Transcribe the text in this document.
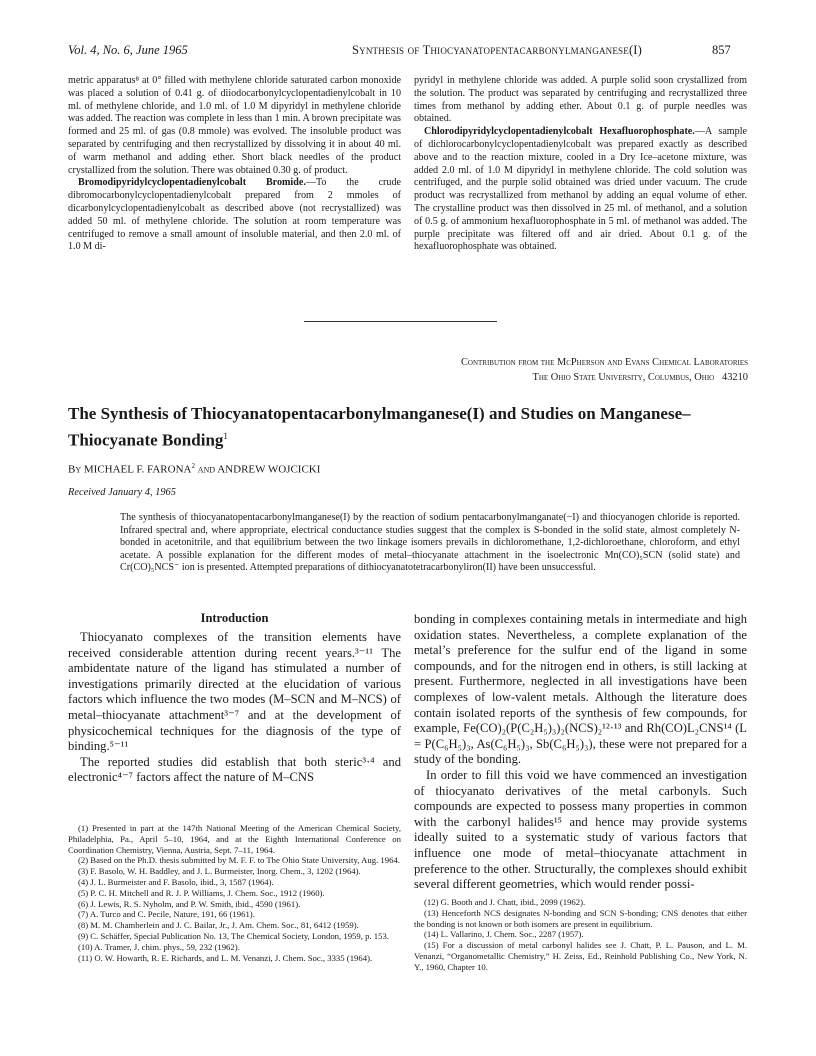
Vol. 4, No. 6, June 1965	Synthesis of Thiocyanatopentacarbonylmanganese(I)	857

metric apparatus⁸ at 0° filled with methylene chloride saturated carbon monoxide was placed a solution of 0.41 g. of diiodocarbonylcyclopentadienylcobalt in 10 ml. of methylene chloride, and 1.0 ml. of 1.0 M dipyridyl in methylene chloride was added. The reaction was complete in less than 1 min. A brown precipitate was formed and 25 ml. of gas (0.8 mmole) was evolved. The insoluble product was separated by centrifuging and then recrystallized by dissolving it in about 40 ml. of warm methanol and adding ether. Short black needles of the product crystallized from the solution. There was obtained 0.30 g. of product.

Bromodipyridylcyclopentadienylcobalt Bromide.—To the crude dibromocarbonylcyclopentadienylcobalt prepared from 2 mmoles of dicarbonylcyclopentadienylcobalt as described above (not recrystallized) was added 50 ml. of methylene chloride. The solution at room temperature was centrifuged to remove a small amount of insoluble material, and then 2.0 ml. of 1.0 M di-

pyridyl in methylene chloride was added. A purple solid soon crystallized from the solution. The product was separated by centrifuging and recrystallized three times from methanol by adding ether. About 0.1 g. of purple needles was obtained.

Chlorodipyridylcyclopentadienylcobalt Hexafluorophosphate.—A sample of dichlorocarbonylcyclopentadienylcobalt was prepared exactly as described above and to the reaction mixture, cooled in a Dry Ice–acetone mixture, was added 2.0 ml. of 1.0 M dipyridyl in methylene chloride. The cold solution was centrifuged, and the purple solid obtained was dried under vacuum. The crude product was recrystallized from methanol by adding an equal volume of ether. The crystalline product was then dissolved in 25 ml. of methanol, and a solution of 0.5 g. of ammonium hexafluorophosphate in 5 ml. of methanol was added. The purple precipitate was filtered off and air dried. About 0.1 g. of the hexafluorophosphate was obtained.

Contribution from the McPherson and Evans Chemical Laboratories
The Ohio State University, Columbus, Ohio 43210
The Synthesis of Thiocyanatopentacarbonylmanganese(I) and Studies on Manganese–Thiocyanate Bonding$^1$
By MICHAEL F. FARONA$^2$ and ANDREW WOJCICKI
Received January 4, 1965
The synthesis of thiocyanatopentacarbonylmanganese(I) by the reaction of sodium pentacarbonylmanganate(−I) and thiocyanogen chloride is reported. Infrared spectral and, where appropriate, electrical conductance studies suggest that the complex is S-bonded in the solid state, almost completely N-bonded in acetonitrile, and that equilibrium between the two linkage isomers prevails in dichloromethane, 1,2-dichloroethane, chloroform, and ethyl acetate. A possible explanation for the different modes of metal–thiocyanate attachment in the isoelectronic Mn(CO)₅SCN (solid state) and Cr(CO)₅NCS⁻ ion is presented. Attempted preparations of dithiocyanatotetracarbonyliron(II) have been unsuccessful.
Introduction

Thiocyanato complexes of the transition elements have received considerable attention during recent years.³⁻¹¹ The ambidentate nature of the ligand has stimulated a number of investigations primarily directed at the elucidation of various factors which influence the two modes (M–SCN and M–NCS) of metal–thiocyanate attachment³⁻⁷ and at the development of physicochemical techniques for the diagnosis of the type of binding.⁵⁻¹¹

The reported studies did establish that both steric³·⁴ and electronic⁴⁻⁷ factors affect the nature of M–CNS

bonding in complexes containing metals in intermediate and high oxidation states. Nevertheless, a complete explanation of the metal’s preference for the sulfur end of the ligand in some compounds, and for the nitrogen end in others, is still lacking at present. Furthermore, neglected in all investigations have been complexes of low-valent metals. Although the literature does contain isolated reports of the synthesis of few compounds, for example, Fe(CO)₂(P(C₂H₅)₃)₂(NCS)₂¹²·¹³ and Rh(CO)L₂CNS¹⁴ (L = P(C₆H₅)₃, As(C₆H₅)₃, Sb(C₆H₅)₃), these were not prepared for a study of the bonding.

In order to fill this void we have commenced an investigation of thiocyanato derivatives of the metal carbonyls. Such compounds are expected to possess many properties in common with the carbonyl halides¹⁵ and hence may provide systems ideally suited to a systematic study of various factors that influence one mode of metal–thiocyanate attachment in preference to the other. Structurally, the complexes should exhibit several different geometries, which would render possi-

(1) Presented in part at the 147th National Meeting of the American Chemical Society, Philadelphia, Pa., April 5–10, 1964, and at the Eighth International Conference on Coordination Chemistry, Vienna, Austria, Sept. 7–11, 1964.

(2) Based on the Ph.D. thesis submitted by M. F. F. to The Ohio State University, Aug. 1964.

(3) F. Basolo, W. H. Baddley, and J. L. Burmeister, Inorg. Chem., 3, 1202 (1964).

(4) J. L. Burmeister and F. Basolo, ibid., 3, 1587 (1964).

(5) P. C. H. Mitchell and R. J. P. Williams, J. Chem. Soc., 1912 (1960).

(6) J. Lewis, R. S. Nyholm, and P. W. Smith, ibid., 4590 (1961).

(7) A. Turco and C. Pecile, Nature, 191, 66 (1961).

(8) M. M. Chamberlein and J. C. Bailar, Jr., J. Am. Chem. Soc., 81, 6412 (1959).

(9) C. Schäffer, Special Publication No. 13, The Chemical Society, London, 1959, p. 153.

(10) A. Tramer, J. chim. phys., 59, 232 (1962).

(11) O. W. Howarth, R. E. Richards, and L. M. Venanzi, J. Chem. Soc., 3335 (1964).

(12) G. Booth and J. Chatt, ibid., 2099 (1962).

(13) Henceforth NCS designates N-bonding and SCN S-bonding; CNS denotes that either the bonding is not known or both isomers are present in equilibrium.

(14) L. Vallarino, J. Chem. Soc., 2287 (1957).

(15) For a discussion of metal carbonyl halides see J. Chatt, P. L. Pauson, and L. M. Venanzi, “Organometallic Chemistry,” H. Zeiss, Ed., Reinhold Publishing Co., New York, N. Y., 1960, Chapter 10.
